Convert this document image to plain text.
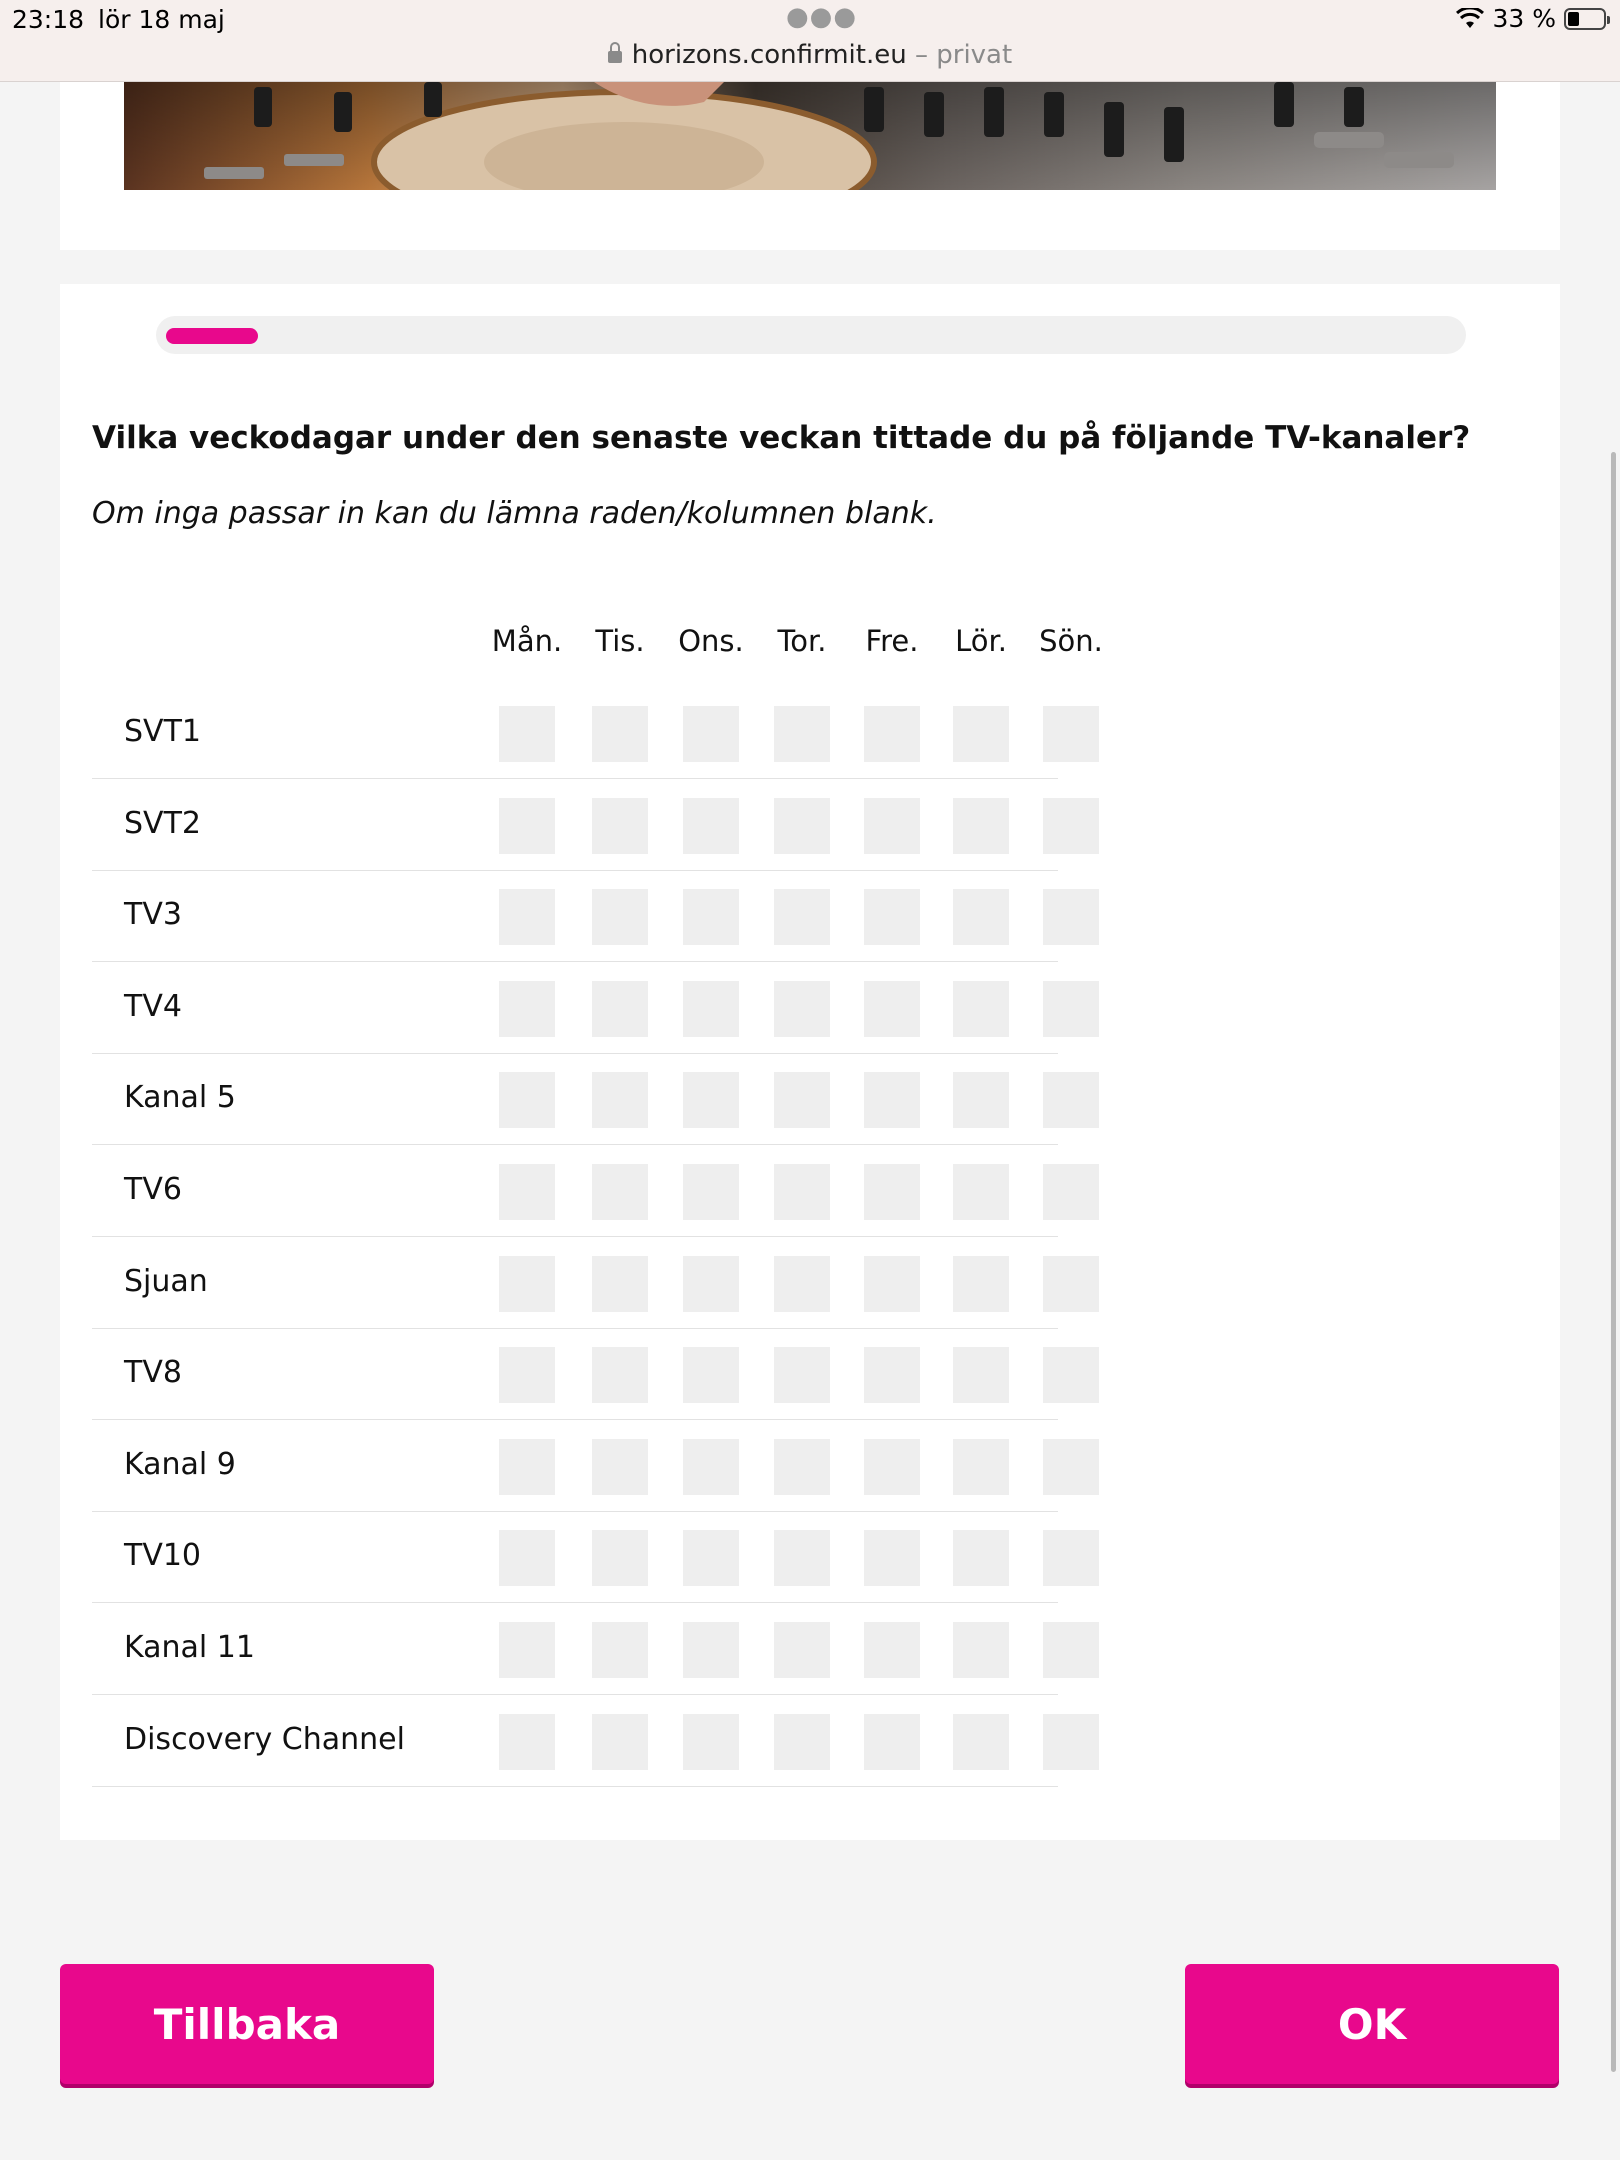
23:18 lör 18 maj	●●●	33 %
horizons.confirmit.eu – privat
Vilka veckodagar under den senaste veckan tittade du på följande TV-kanaler?
Om inga passar in kan du lämna raden/kolumnen blank.
Mån.	Tis.	Ons.	Tor.	Fre.	Lör.	Sön.
SVT1
SVT2
TV3
TV4
Kanal 5
TV6
Sjuan
TV8
Kanal 9
TV10
Kanal 11
Discovery Channel
Tillbaka	OK
